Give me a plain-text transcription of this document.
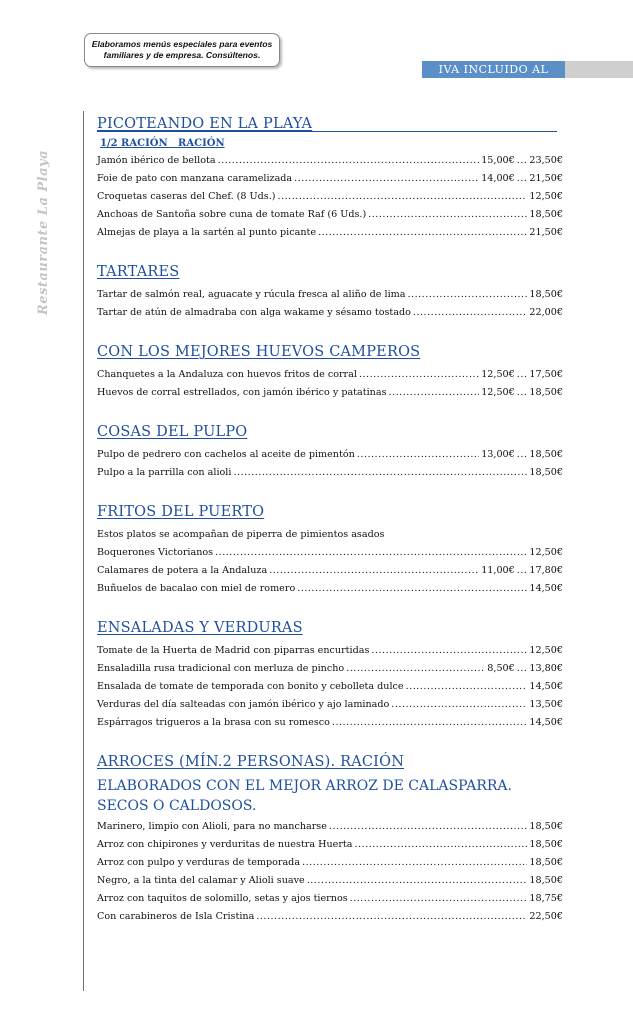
Elaboramos menús especiales para eventos
familiares y de empresa. Consúltenos.
IVA INCLUIDO AL
Restaurante La Playa
PICOTEANDO EN LA PLAYA
1/2 RACIÓN   RACIÓN
Jamón ibérico de bellota .....	15,00€ ... 23,50€
Foie de pato con manzana caramelizada .....	14,00€ ... 21,50€
Croquetas caseras del Chef. (8 Uds.) .....	12,50€
Anchoas de Santoña sobre cuna de tomate Raf (6 Uds.) .....	18,50€
Almejas de playa a la sartén al punto picante .....	21,50€
TARTARES
Tartar de salmón real, aguacate y rúcula fresca al aliño de lima .....	18,50€
Tartar de atún de almadraba con alga wakame y sésamo tostado .....	22,00€
CON LOS MEJORES HUEVOS CAMPEROS
Chanquetes a la Andaluza con huevos fritos de corral .....	12,50€ ... 17,50€
Huevos de corral estrellados, con jamón ibérico y patatinas .....	12,50€ ... 18,50€
COSAS DEL PULPO
Pulpo de pedrero con cachelos al aceite de pimentón .....	13,00€ ... 18,50€
Pulpo a la parrilla con alioli .....	18,50€
FRITOS DEL PUERTO
Estos platos se acompañan de piperra de pimientos asados
Boquerones Victorianos .....	12,50€
Calamares de potera a la Andaluza .....	11,00€ ... 17,80€
Buñuelos de bacalao con miel de romero .....	14,50€
ENSALADAS Y VERDURAS
Tomate de la Huerta de Madrid con piparras encurtidas .....	12,50€
Ensaladilla rusa tradicional con merluza de pincho .....	8,50€ ... 13,80€
Ensalada de tomate de temporada con bonito y cebolleta dulce .....	14,50€
Verduras del día salteadas con jamón ibérico y ajo laminado .....	13,50€
Espárragos trigueros a la brasa con su romesco .....	14,50€
ARROCES (MÍN.2 PERSONAS). RACIÓN
ELABORADOS CON EL MEJOR ARROZ DE CALASPARRA. SECOS O CALDOSOS.
Marinero, limpio con Alioli, para no mancharse .....	18,50€
Arroz con chipirones y verduritas de nuestra Huerta .....	18,50€
Arroz con pulpo y verduras de temporada .....	18,50€
Negro, a la tinta del calamar y Alioli suave .....	18,50€
Arroz con taquitos de solomillo, setas y ajos tiernos .....	18,75€
Con carabineros de Isla Cristina .....	22,50€
